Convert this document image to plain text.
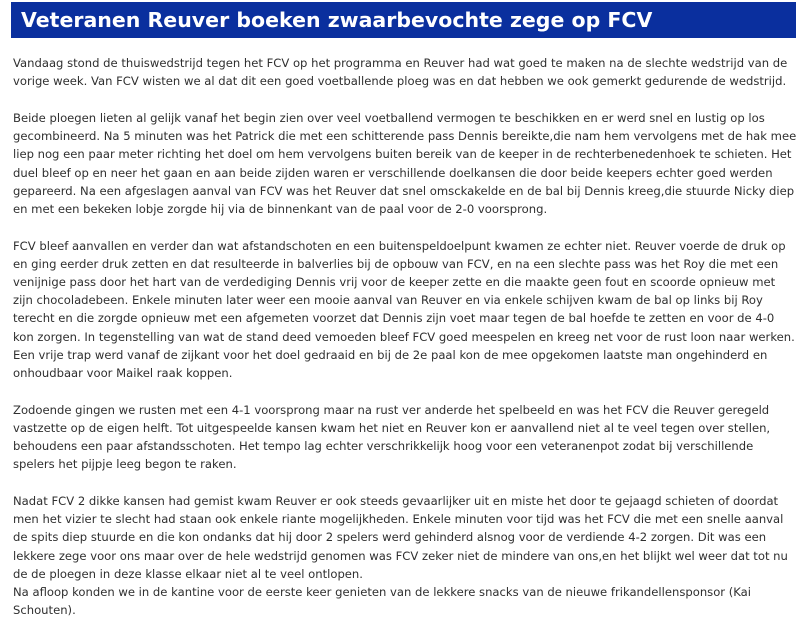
Veteranen Reuver boeken zwaarbevochte zege op FCV

Vandaag stond de thuiswedstrijd tegen het FCV op het programma en Reuver had wat goed te maken na de slechte wedstrijd van de vorige week. Van FCV wisten we al dat dit een goed voetballende ploeg was en dat hebben we ook gemerkt gedurende de wedstrijd.

Beide ploegen lieten al gelijk vanaf het begin zien over veel voetballend vermogen te beschikken en er werd snel en lustig op los gecombineerd. Na 5 minuten was het Patrick die met een schitterende pass Dennis bereikte,die nam hem vervolgens met de hak mee liep nog een paar meter richting het doel om hem vervolgens buiten bereik van de keeper in de rechterbenedenhoek te schieten. Het duel bleef op en neer het gaan en aan beide zijden waren er verschillende doelkansen die door beide keepers echter goed werden gepareerd. Na een afgeslagen aanval van FCV was het Reuver dat snel omsckakelde en de bal bij Dennis kreeg,die stuurde Nicky diep en met een bekeken lobje zorgde hij via de binnenkant van de paal voor de 2-0 voorsprong.

FCV bleef aanvallen en verder dan wat afstandschoten en een buitenspeldoelpunt kwamen ze echter niet. Reuver voerde de druk op en ging eerder druk zetten en dat resulteerde in balverlies bij de opbouw van FCV, en na een slechte pass was het Roy die met een venijnige pass door het hart van de verdediging Dennis vrij voor de keeper zette en die maakte geen fout en scoorde opnieuw met zijn chocoladebeen. Enkele minuten later weer een mooie aanval van Reuver en via enkele schijven kwam de bal op links bij Roy terecht en die zorgde opnieuw met een afgemeten voorzet dat Dennis zijn voet maar tegen de bal hoefde te zetten en voor de 4-0 kon zorgen. In tegenstelling van wat de stand deed vemoeden bleef FCV goed meespelen en kreeg net voor de rust loon naar werken. Een vrije trap werd vanaf de zijkant voor het doel gedraaid en bij de 2e paal kon de mee opgekomen laatste man ongehinderd en onhoudbaar voor Maikel raak koppen.

Zodoende gingen we rusten met een 4-1 voorsprong maar na rust ver anderde het spelbeeld en was het FCV die Reuver geregeld vastzette op de eigen helft. Tot uitgespeelde kansen kwam het niet en Reuver kon er aanvallend niet al te veel tegen over stellen, behoudens een paar afstandsschoten. Het tempo lag echter verschrikkelijk hoog voor een veteranenpot zodat bij verschillende spelers het pijpje leeg begon te raken.

Nadat FCV 2 dikke kansen had gemist kwam Reuver er ook steeds gevaarlijker uit en miste het door te gejaagd schieten of doordat men het vizier te slecht had staan ook enkele riante mogelijkheden. Enkele minuten voor tijd was het FCV die met een snelle aanval de spits diep stuurde en die kon ondanks dat hij door 2 spelers werd gehinderd alsnog voor de verdiende 4-2 zorgen. Dit was een lekkere zege voor ons maar over de hele wedstrijd genomen was FCV zeker niet de mindere van ons,en het blijkt wel weer dat tot nu de de ploegen in deze klasse elkaar niet al te veel ontlopen.

Na afloop konden we in de kantine voor de eerste keer genieten van de lekkere snacks van de nieuwe frikandellensponsor (Kai Schouten).
